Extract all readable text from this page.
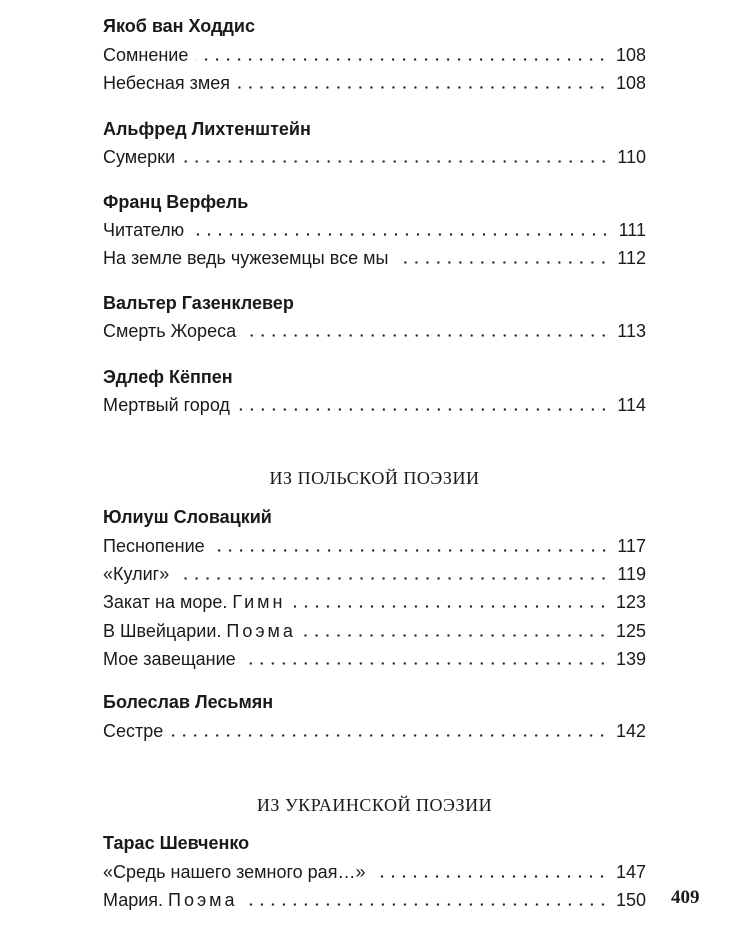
Якоб ван Ходдис
Сомнение	108
Небесная змея	108
Альфред Лихтенштейн
Сумерки	110
Франц Верфель
Читателю	111
На земле ведь чужеземцы все мы	112
Вальтер Газенклевер
Смерть Жореса	113
Эдлеф Кёппен
Мертвый город	114
ИЗ ПОЛЬСКОЙ ПОЭЗИИ
Юлиуш Словацкий
Песнопение	117
«Кулиг»	119
Закат на море. Гимн	123
В Швейцарии. Поэма	125
Мое завещание	139
Болеслав Лесьмян
Сестре	142
ИЗ УКРАИНСКОЙ ПОЭЗИИ
Тарас Шевченко
«Средь нашего земного рая…»	147
Мария. Поэма	150 409
